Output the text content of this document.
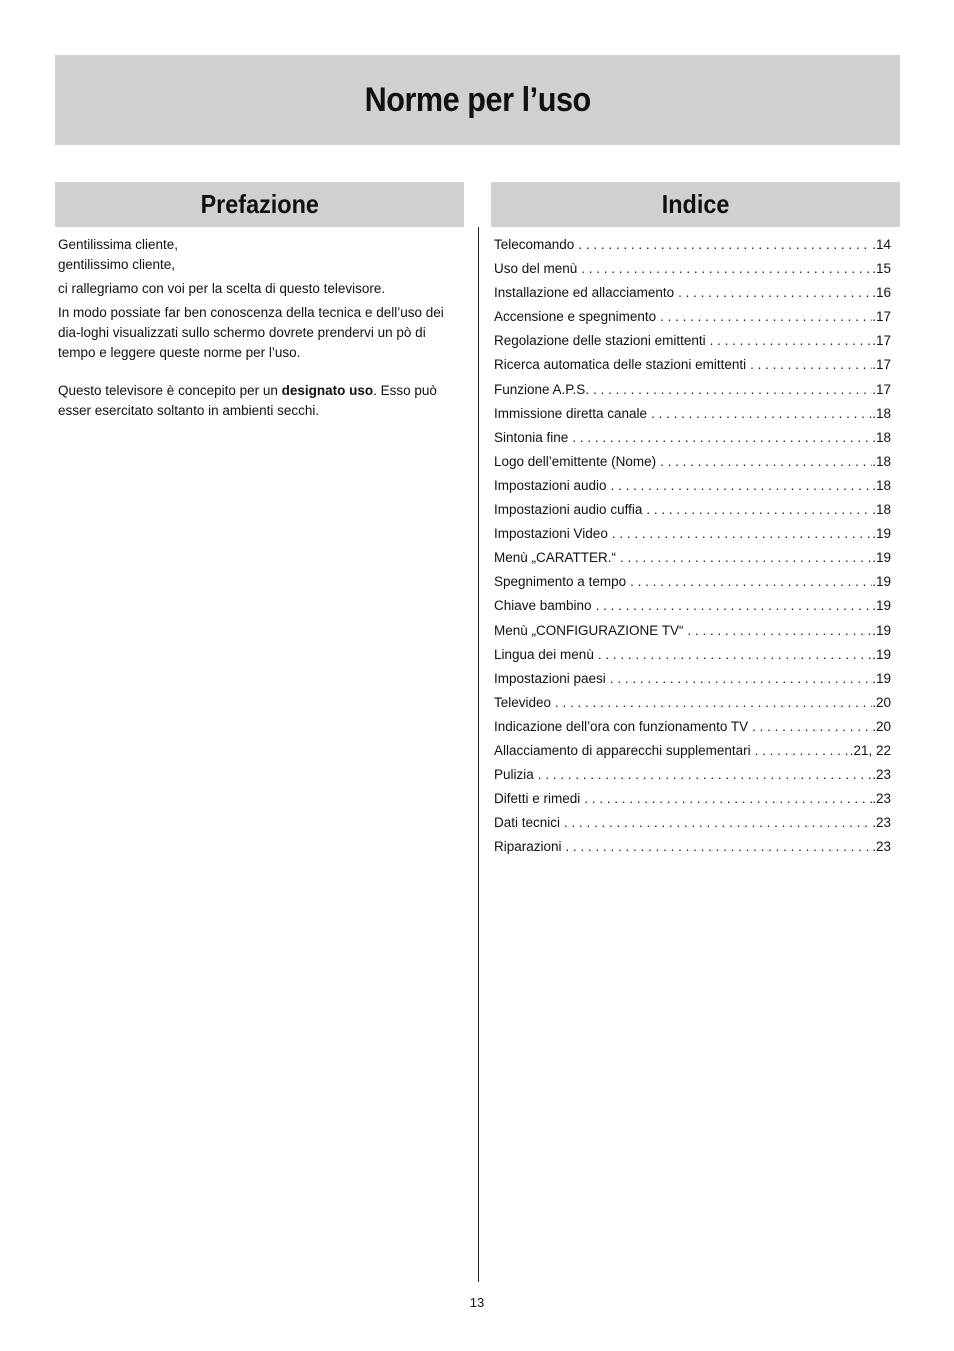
Norme per l’uso
Prefazione	Indice

Gentilissima cliente,

gentilissimo cliente,

ci rallegriamo con voi per la scelta di questo televisore.

In modo possiate far ben conoscenza della tecnica e dell’uso dei dia-loghi visualizzati sullo schermo dovrete prendervi un pò di tempo e leggere queste norme per l’uso.

Questo televisore è concepito per un designato uso. Esso può esser esercitato soltanto in ambienti secchi.

Telecomando . . .	.14
Uso del menù . . .	.15
Installazione ed allacciamento . . .	.16
Accensione e spegnimento . . .	.17
Regolazione delle stazioni emittenti . . .	.17
Ricerca automatica delle stazioni emittenti . . .	.17
Funzione A.P.S. . . .	.17
Immissione diretta canale . . .	.18
Sintonia fine . . .	.18
Logo dell’emittente (Nome) . . .	.18
Impostazioni audio . . .	.18
Impostazioni audio cuffia . . .	.18
Impostazioni Video . . .	.19
Menù „CARATTER.“ . . .	.19
Spegnimento a tempo . . .	.19
Chiave bambino . . .	.19
Menù „CONFIGURAZIONE TV“ . . .	.19
Lingua dei menù . . .	.19
Impostazioni paesi . . .	.19
Televideo . . .	.20
Indicazione dell’ora con funzionamento TV . . .	.20
Allacciamento di apparecchi supplementari . . .	.21, 22
Pulizia . . .	.23
Difetti e rimedi . . .	.23
Dati tecnici . . .	.23
Riparazioni . . .	.23
13
